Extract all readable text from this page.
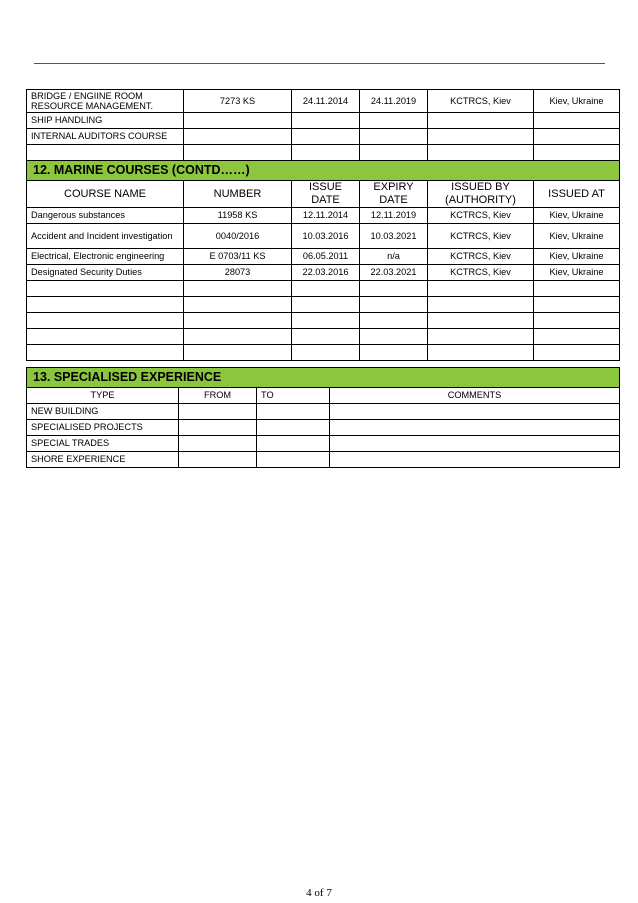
BRIDGE / ENGIINE ROOM RESOURCE MANAGEMENT.	7273 KS	24.11.2014	24.11.2019	KCTRCS, Kiev	Kiev, Ukraine
SHIP HANDLING					
INTERNAL AUDITORS COURSE					

12. MARINE COURSES (CONTD……)					
COURSE NAME	NUMBER	ISSUE DATE	EXPIRY DATE	ISSUED BY (AUTHORITY)	ISSUED AT
Dangerous substances	11958 KS	12.11.2014	12.11.2019	KCTRCS, Kiev	Kiev, Ukraine
Accident and Incident investigation	0040/2016	10.03.2016	10.03.2021	KCTRCS, Kiev	Kiev, Ukraine
Electrical, Electronic engineering	E 0703/11 KS	06.05.2011	n/a	KCTRCS, Kiev	Kiev, Ukraine
Designated Security Duties	28073	22.03.2016	22.03.2021	KCTRCS, Kiev	Kiev, Ukraine

13. SPECIALISED EXPERIENCE			
TYPE	FROM	TO	COMMENTS
NEW BUILDING			
SPECIALISED PROJECTS			
SPECIAL TRADES			
SHORE EXPERIENCE			
4 of 7
